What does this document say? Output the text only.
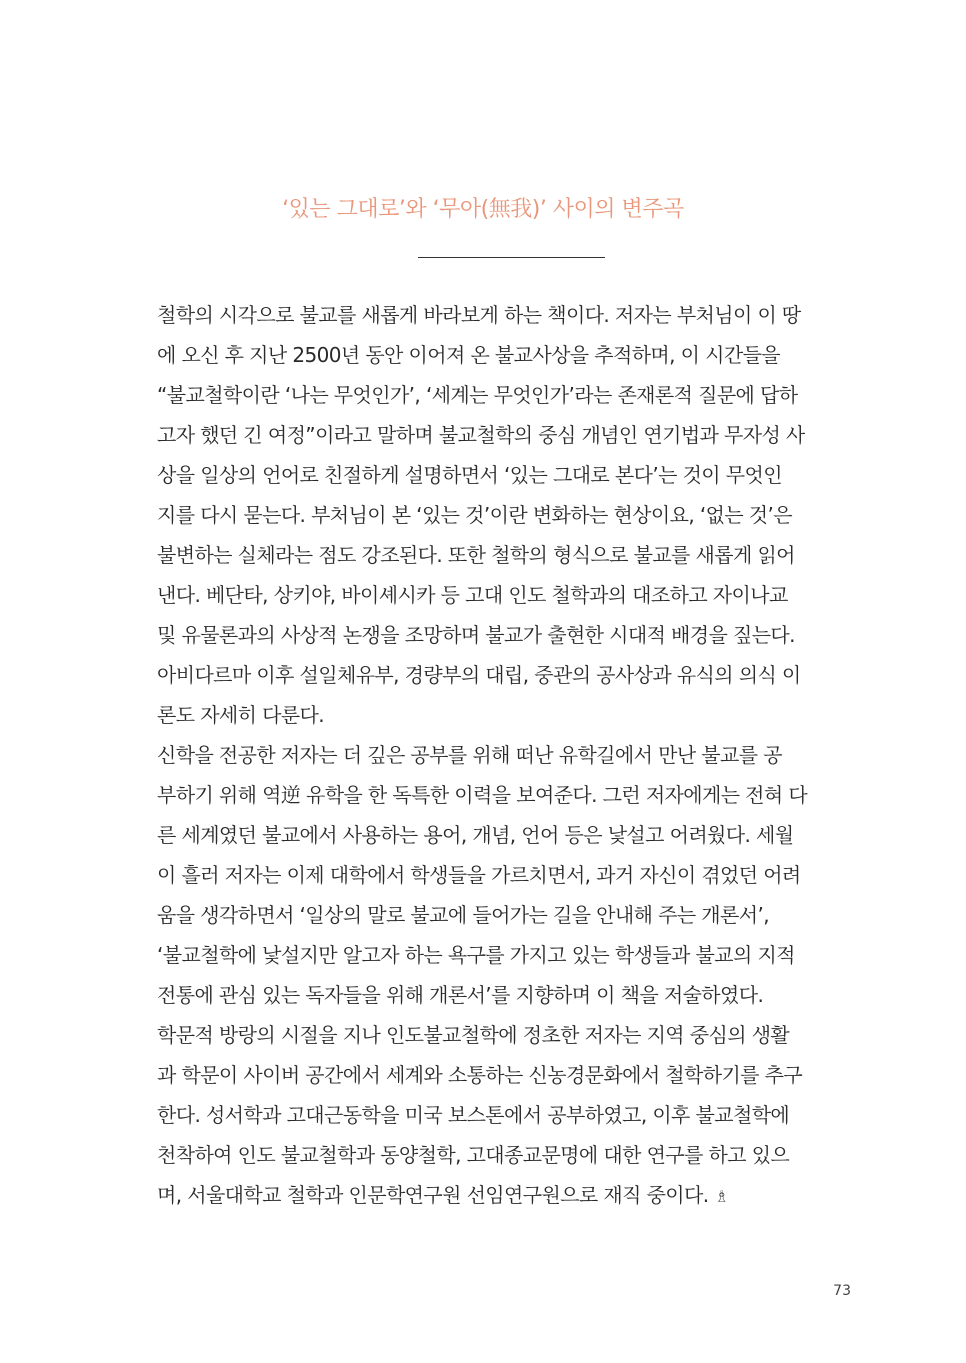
‘있는 그대로’와 ‘무아(無我)’ 사이의 변주곡
철학의 시각으로 불교를 새롭게 바라보게 하는 책이다. 저자는 부처님이 이 땅
에 오신 후 지난 2500년 동안 이어져 온 불교사상을 추적하며, 이 시간들을
“불교철학이란 ‘나는 무엇인가’, ‘세계는 무엇인가’라는 존재론적 질문에 답하
고자 했던 긴 여정”이라고 말하며 불교철학의 중심 개념인 연기법과 무자성 사
상을 일상의 언어로 친절하게 설명하면서 ‘있는 그대로 본다’는 것이 무엇인
지를 다시 묻는다. 부처님이 본 ‘있는 것’이란 변화하는 현상이요, ‘없는 것’은
불변하는 실체라는 점도 강조된다. 또한 철학의 형식으로 불교를 새롭게 읽어
낸다. 베단타, 상키야, 바이셰시카 등 고대 인도 철학과의 대조하고 자이나교
및 유물론과의 사상적 논쟁을 조망하며 불교가 출현한 시대적 배경을 짚는다.
아비다르마 이후 설일체유부, 경량부의 대립, 중관의 공사상과 유식의 의식 이
론도 자세히 다룬다.
신학을 전공한 저자는 더 깊은 공부를 위해 떠난 유학길에서 만난 불교를 공
부하기 위해 역逆 유학을 한 독특한 이력을 보여준다. 그런 저자에게는 전혀 다
른 세계였던 불교에서 사용하는 용어, 개념, 언어 등은 낯설고 어려웠다. 세월
이 흘러 저자는 이제 대학에서 학생들을 가르치면서, 과거 자신이 겪었던 어려
움을 생각하면서 ‘일상의 말로 불교에 들어가는 길을 안내해 주는 개론서’,
‘불교철학에 낯설지만 알고자 하는 욕구를 가지고 있는 학생들과 불교의 지적
전통에 관심 있는 독자들을 위해 개론서’를 지향하며 이 책을 저술하였다.
학문적 방랑의 시절을 지나 인도불교철학에 정초한 저자는 지역 중심의 생활
과 학문이 사이버 공간에서 세계와 소통하는 신농경문화에서 철학하기를 추구
한다. 성서학과 고대근동학을 미국 보스톤에서 공부하였고, 이후 불교철학에
천착하여 인도 불교철학과 동양철학, 고대종교문명에 대한 연구를 하고 있으
며, 서울대학교 철학과 인문학연구원 선임연구원으로 재직 중이다. ♗
73
